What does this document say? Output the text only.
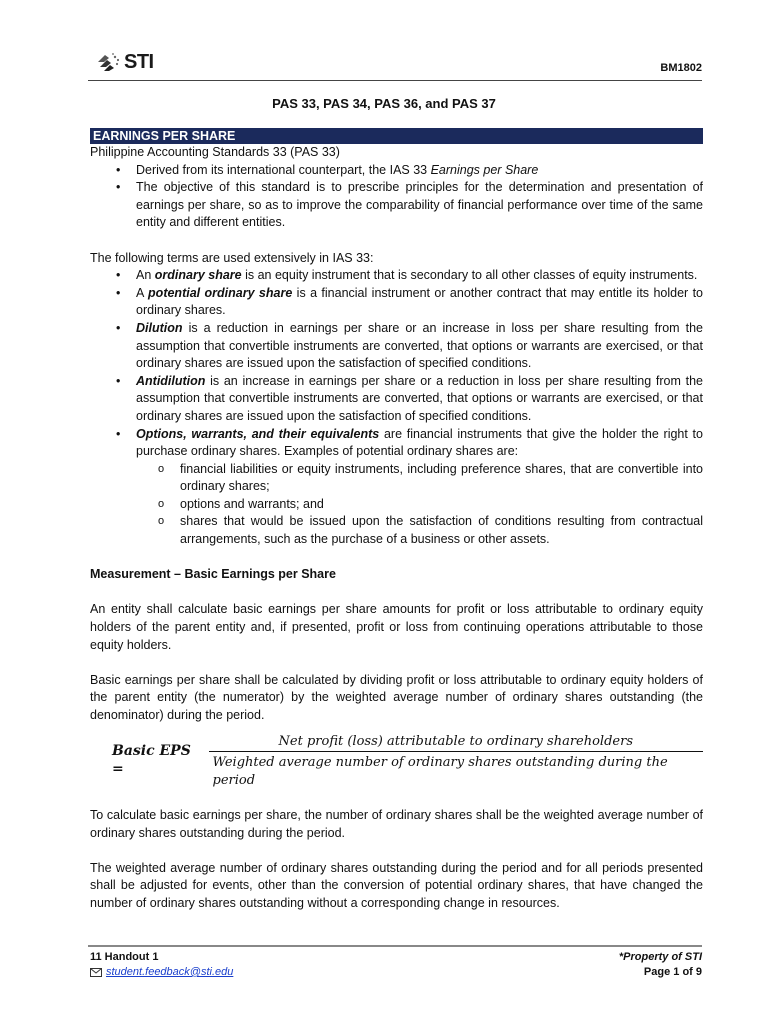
STI	BM1802
PAS 33, PAS 34, PAS 36, and PAS 37
EARNINGS PER SHARE

Philippine Accounting Standards 33 (PAS 33)

• Derived from its international counterpart, the IAS 33 Earnings per Share
• The objective of this standard is to prescribe principles for the determination and presentation of earnings per share, so as to improve the comparability of financial performance over time of the same entity and different entities.

The following terms are used extensively in IAS 33:

• An ordinary share is an equity instrument that is secondary to all other classes of equity instruments.
• A potential ordinary share is a financial instrument or another contract that may entitle its holder to ordinary shares.
• Dilution is a reduction in earnings per share or an increase in loss per share resulting from the assumption that convertible instruments are converted, that options or warrants are exercised, or that ordinary shares are issued upon the satisfaction of specified conditions.
• Antidilution is an increase in earnings per share or a reduction in loss per share resulting from the assumption that convertible instruments are converted, that options or warrants are exercised, or that ordinary shares are issued upon the satisfaction of specified conditions.
• Options, warrants, and their equivalents are financial instruments that give the holder the right to purchase ordinary shares. Examples of potential ordinary shares are:
o financial liabilities or equity instruments, including preference shares, that are convertible into ordinary shares;
o options and warrants; and
o shares that would be issued upon the satisfaction of conditions resulting from contractual arrangements, such as the purchase of a business or other assets.

Measurement – Basic Earnings per Share

An entity shall calculate basic earnings per share amounts for profit or loss attributable to ordinary equity holders of the parent entity and, if presented, profit or loss from continuing operations attributable to those equity holders.

Basic earnings per share shall be calculated by dividing profit or loss attributable to ordinary equity holders of the parent entity (the numerator) by the weighted average number of ordinary shares outstanding (the denominator) during the period.

Basic EPS =
Net profit (loss) attributable to ordinary shareholders
Weighted average number of ordinary shares outstanding during the period

To calculate basic earnings per share, the number of ordinary shares shall be the weighted average number of ordinary shares outstanding during the period.

The weighted average number of ordinary shares outstanding during the period and for all periods presented shall be adjusted for events, other than the conversion of potential ordinary shares, that have changed the number of ordinary shares outstanding without a corresponding change in resources.

11 Handout 1
student.feedback@sti.edu
*Property of STI
Page 1 of 9
